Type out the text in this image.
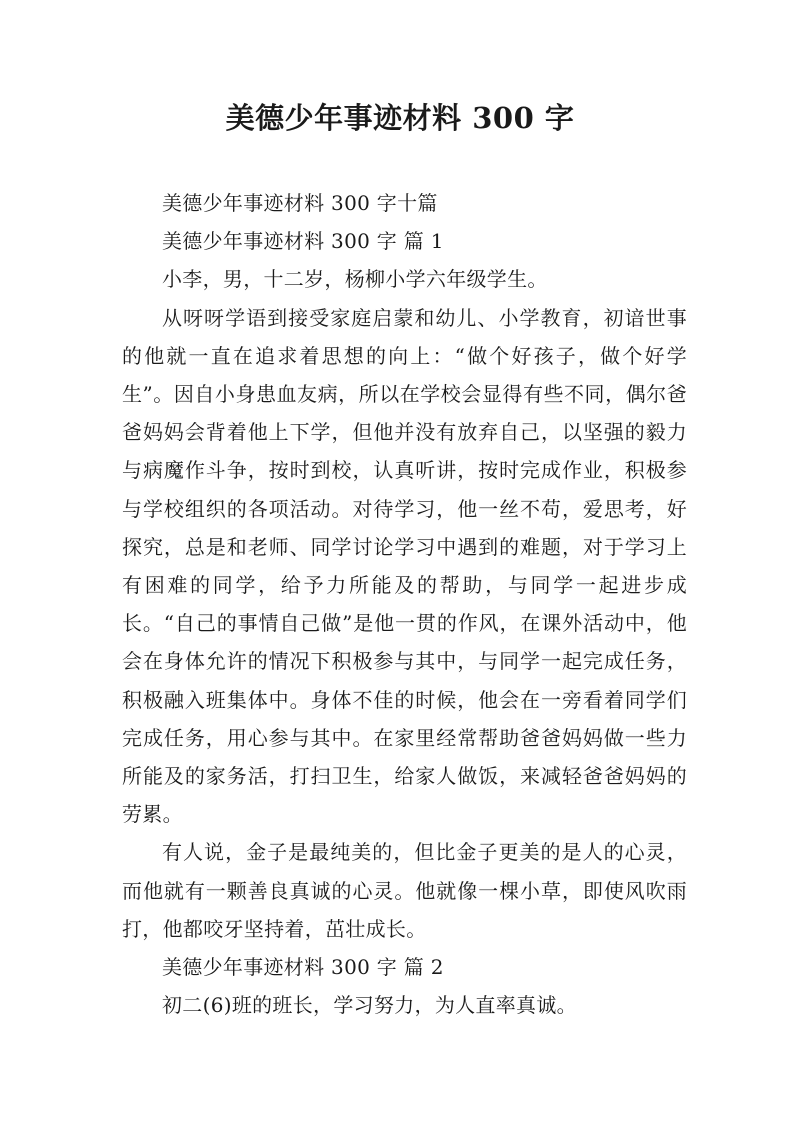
美德少年事迹材料 300 字

美德少年事迹材料 300 字十篇

美德少年事迹材料 300 字 篇 1

小李，男，十二岁，杨柳小学六年级学生。

从呀呀学语到接受家庭启蒙和幼儿、小学教育，初谙世事的他就一直在追求着思想的向上：“做个好孩子，做个好学生”。因自小身患血友病，所以在学校会显得有些不同，偶尔爸爸妈妈会背着他上下学，但他并没有放弃自己，以坚强的毅力与病魔作斗争，按时到校，认真听讲，按时完成作业，积极参与学校组织的各项活动。对待学习，他一丝不苟，爱思考，好探究，总是和老师、同学讨论学习中遇到的难题，对于学习上有困难的同学，给予力所能及的帮助，与同学一起进步成长。“自己的事情自己做”是他一贯的作风，在课外活动中，他会在身体允许的情况下积极参与其中，与同学一起完成任务，积极融入班集体中。身体不佳的时候，他会在一旁看着同学们完成任务，用心参与其中。在家里经常帮助爸爸妈妈做一些力所能及的家务活，打扫卫生，给家人做饭，来减轻爸爸妈妈的劳累。

有人说，金子是最纯美的，但比金子更美的是人的心灵，而他就有一颗善良真诚的心灵。他就像一棵小草，即使风吹雨打，他都咬牙坚持着，茁壮成长。

美德少年事迹材料 300 字 篇 2

初二(6)班的班长，学习努力，为人直率真诚。
